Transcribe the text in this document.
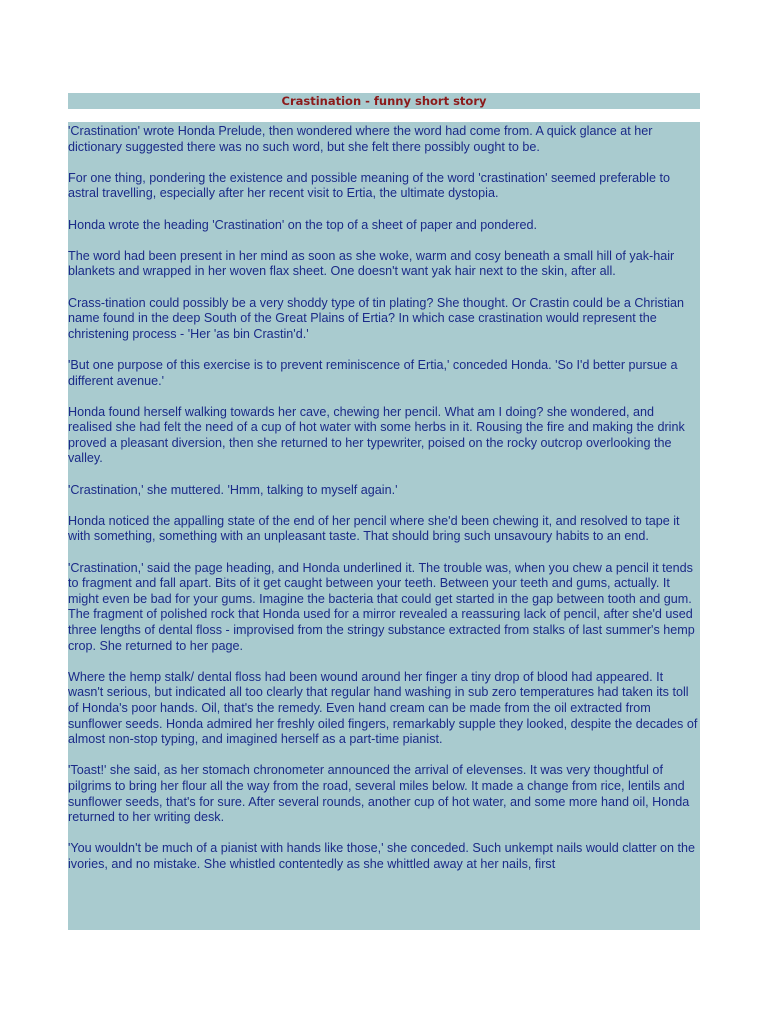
Crastination - funny short story

'Crastination' wrote Honda Prelude, then wondered where the word had come from. A quick glance at her dictionary suggested there was no such word, but she felt there possibly ought to be.

For one thing, pondering the existence and possible meaning of the word 'crastination' seemed preferable to astral travelling, especially after her recent visit to Ertia, the ultimate dystopia.

Honda wrote the heading 'Crastination' on the top of a sheet of paper and pondered.

The word had been present in her mind as soon as she woke, warm and cosy beneath a small hill of yak-hair blankets and wrapped in her woven flax sheet. One doesn't want yak hair next to the skin, after all.

Crass-tination could possibly be a very shoddy type of tin plating? She thought. Or Crastin could be a Christian name found in the deep South of the Great Plains of Ertia? In which case crastination would represent the christening process - 'Her 'as bin Crastin'd.'

'But one purpose of this exercise is to prevent reminiscence of Ertia,' conceded Honda. 'So I'd better pursue a different avenue.'

Honda found herself walking towards her cave, chewing her pencil. What am I doing? she wondered, and realised she had felt the need of a cup of hot water with some herbs in it. Rousing the fire and making the drink proved a pleasant diversion, then she returned to her typewriter, poised on the rocky outcrop overlooking the valley.

'Crastination,' she muttered. 'Hmm, talking to myself again.'

Honda noticed the appalling state of the end of her pencil where she'd been chewing it, and resolved to tape it with something, something with an unpleasant taste. That should bring such unsavoury habits to an end.

'Crastination,' said the page heading, and Honda underlined it. The trouble was, when you chew a pencil it tends to fragment and fall apart. Bits of it get caught between your teeth. Between your teeth and gums, actually. It might even be bad for your gums. Imagine the bacteria that could get started in the gap between tooth and gum. The fragment of polished rock that Honda used for a mirror revealed a reassuring lack of pencil, after she'd used three lengths of dental floss - improvised from the stringy substance extracted from stalks of last summer's hemp crop. She returned to her page.

Where the hemp stalk/ dental floss had been wound around her finger a tiny drop of blood had appeared. It wasn't serious, but indicated all too clearly that regular hand washing in sub zero temperatures had taken its toll of Honda's poor hands. Oil, that's the remedy. Even hand cream can be made from the oil extracted from sunflower seeds. Honda admired her freshly oiled fingers, remarkably supple they looked, despite the decades of almost non-stop typing, and imagined herself as a part-time pianist.

'Toast!' she said, as her stomach chronometer announced the arrival of elevenses. It was very thoughtful of pilgrims to bring her flour all the way from the road, several miles below. It made a change from rice, lentils and sunflower seeds, that's for sure. After several rounds, another cup of hot water, and some more hand oil, Honda returned to her writing desk.

'You wouldn't be much of a pianist with hands like those,' she conceded. Such unkempt nails would clatter on the ivories, and no mistake. She whistled contentedly as she whittled away at her nails, first
